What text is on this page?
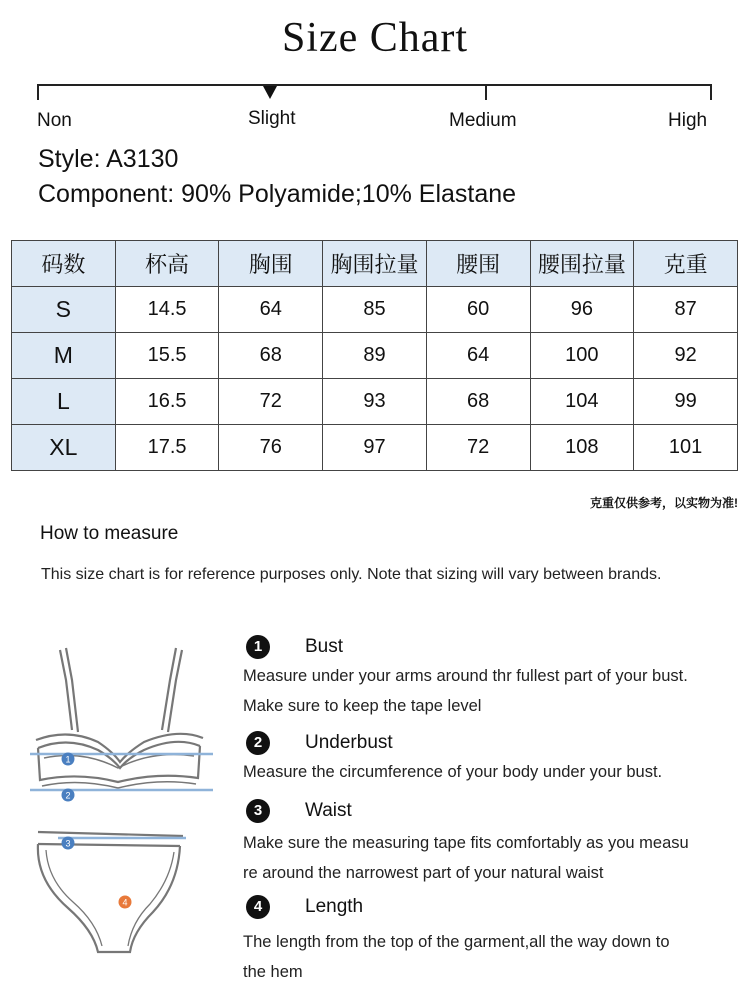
Size Chart
Non	Slight	Medium	High
Style: A3130
Component: 90% Polyamide;10% Elastane
码数	杯高	胸围	胸围拉量	腰围	腰围拉量	克重
S	14.5	64	85	60	96	87
M	15.5	68	89	64	100	92
L	16.5	72	93	68	104	99
XL	17.5	76	97	72	108	101
克重仅供参考，以实物为准!
How to measure
This size chart is for reference purposes only. Note that sizing will vary between brands.
1
2
3
4
1	Bust
Measure under your arms around thr fullest part of your bust.
Make sure to keep the tape level
2	Underbust
Measure the circumference of your body under your bust.
3	Waist
Make sure the measuring tape fits comfortably as you measu
re around the narrowest part of your natural waist
4	Length
The length from the top of the garment,all the way down to
the hem
